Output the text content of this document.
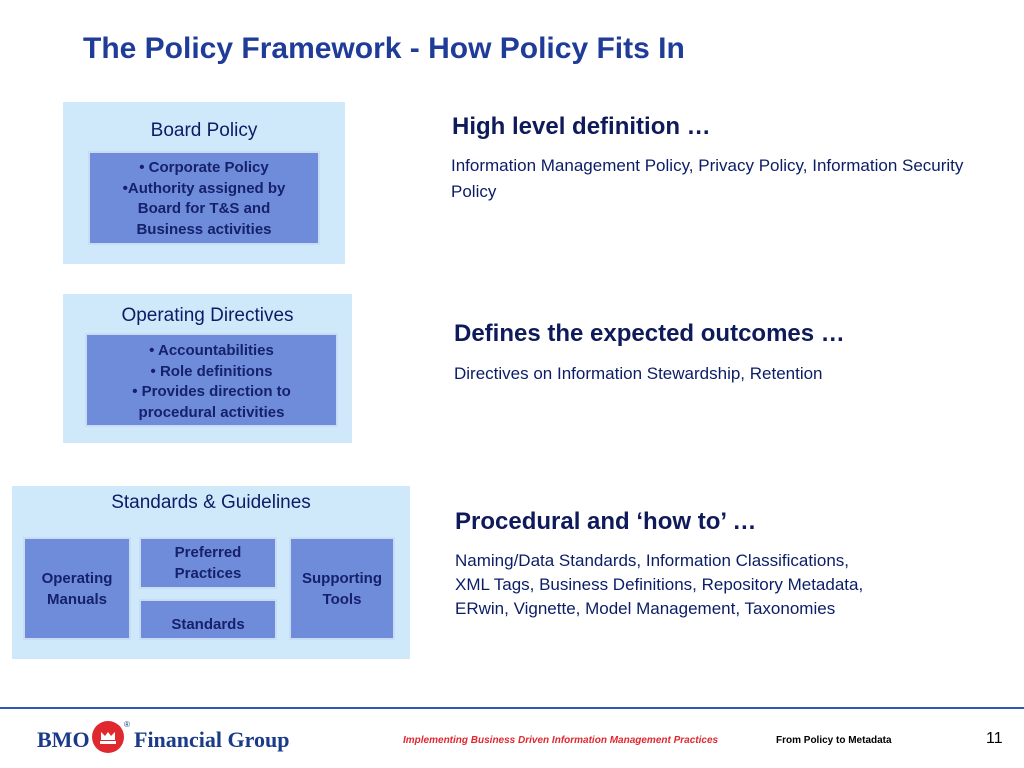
The Policy Framework - How Policy Fits In
Board Policy
• Corporate Policy
•Authority assigned by
Board for T&S and
Business activities
High level definition …
Information Management Policy, Privacy Policy, Information Security Policy
Operating Directives
• Accountabilities
• Role definitions
• Provides direction to
procedural activities
Defines the expected outcomes …
Directives on Information Stewardship, Retention
Standards & Guidelines
Operating Manuals
Preferred Practices
Standards
Supporting Tools
Procedural and ‘how to’ …
Naming/Data Standards, Information Classifications,
XML Tags, Business Definitions, Repository Metadata,
ERwin, Vignette, Model Management, Taxonomies
BMO
®
Financial Group	Implementing Business Driven Information Management Practices	From Policy to Metadata	11
